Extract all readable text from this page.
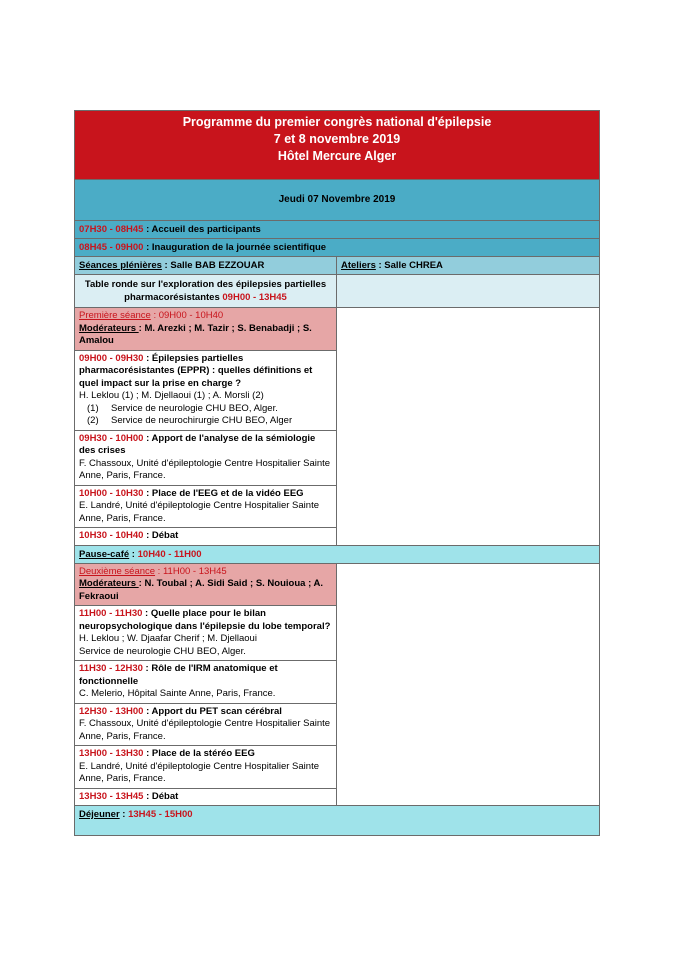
Programme du premier congrès national d'épilepsie
7 et 8 novembre 2019
Hôtel Mercure Alger
Jeudi 07 Novembre 2019
07H30 - 08H45 : Accueil des participants
08H45 - 09H00 : Inauguration de la journée scientifique
Séances plénières : Salle BAB EZZOUAR	Ateliers : Salle CHREA
Table ronde sur l'exploration des épilepsies partielles pharmacorésistantes 09H00 - 13H45
Première séance : 09H00 - 10H40
Modérateurs : M. Arezki ; M. Tazir ; S. Benabadji ; S. Amalou
09H00 - 09H30 : Épilepsies partielles pharmacorésistantes (EPPR) : quelles définitions et quel impact sur la prise en charge ?
H. Leklou (1) ; M. Djellaoui (1) ; A. Morsli (2)
(1)	Service de neurologie CHU BEO, Alger.
(2)	Service de neurochirurgie CHU BEO, Alger
09H30 - 10H00 : Apport de l'analyse de la sémiologie des crises
F. Chassoux, Unité d'épileptologie Centre Hospitalier Sainte Anne, Paris, France.
10H00 - 10H30 : Place de l'EEG et de la vidéo EEG
E. Landré, Unité d'épileptologie Centre Hospitalier Sainte Anne, Paris, France.
10H30 - 10H40 : Débat
Pause-café : 10H40 - 11H00
Deuxième séance : 11H00 - 13H45
Modérateurs : N. Toubal ; A. Sidi Said ; S. Nouioua ; A. Fekraoui
11H00 - 11H30 : Quelle place pour le bilan neuropsychologique dans l'épilepsie du lobe temporal?
H. Leklou ; W. Djaafar Cherif ; M. Djellaoui
Service de neurologie CHU BEO, Alger.
11H30 - 12H30 : Rôle de l'IRM anatomique et fonctionnelle
C. Melerio, Hôpital Sainte Anne, Paris, France.
12H30 - 13H00 : Apport du PET scan cérébral
F. Chassoux, Unité d'épileptologie Centre Hospitalier Sainte Anne, Paris, France.
13H00 - 13H30 : Place de la stéréo EEG
E. Landré, Unité d'épileptologie Centre Hospitalier Sainte Anne, Paris, France.
13H30 - 13H45 : Débat
Déjeuner : 13H45 - 15H00
